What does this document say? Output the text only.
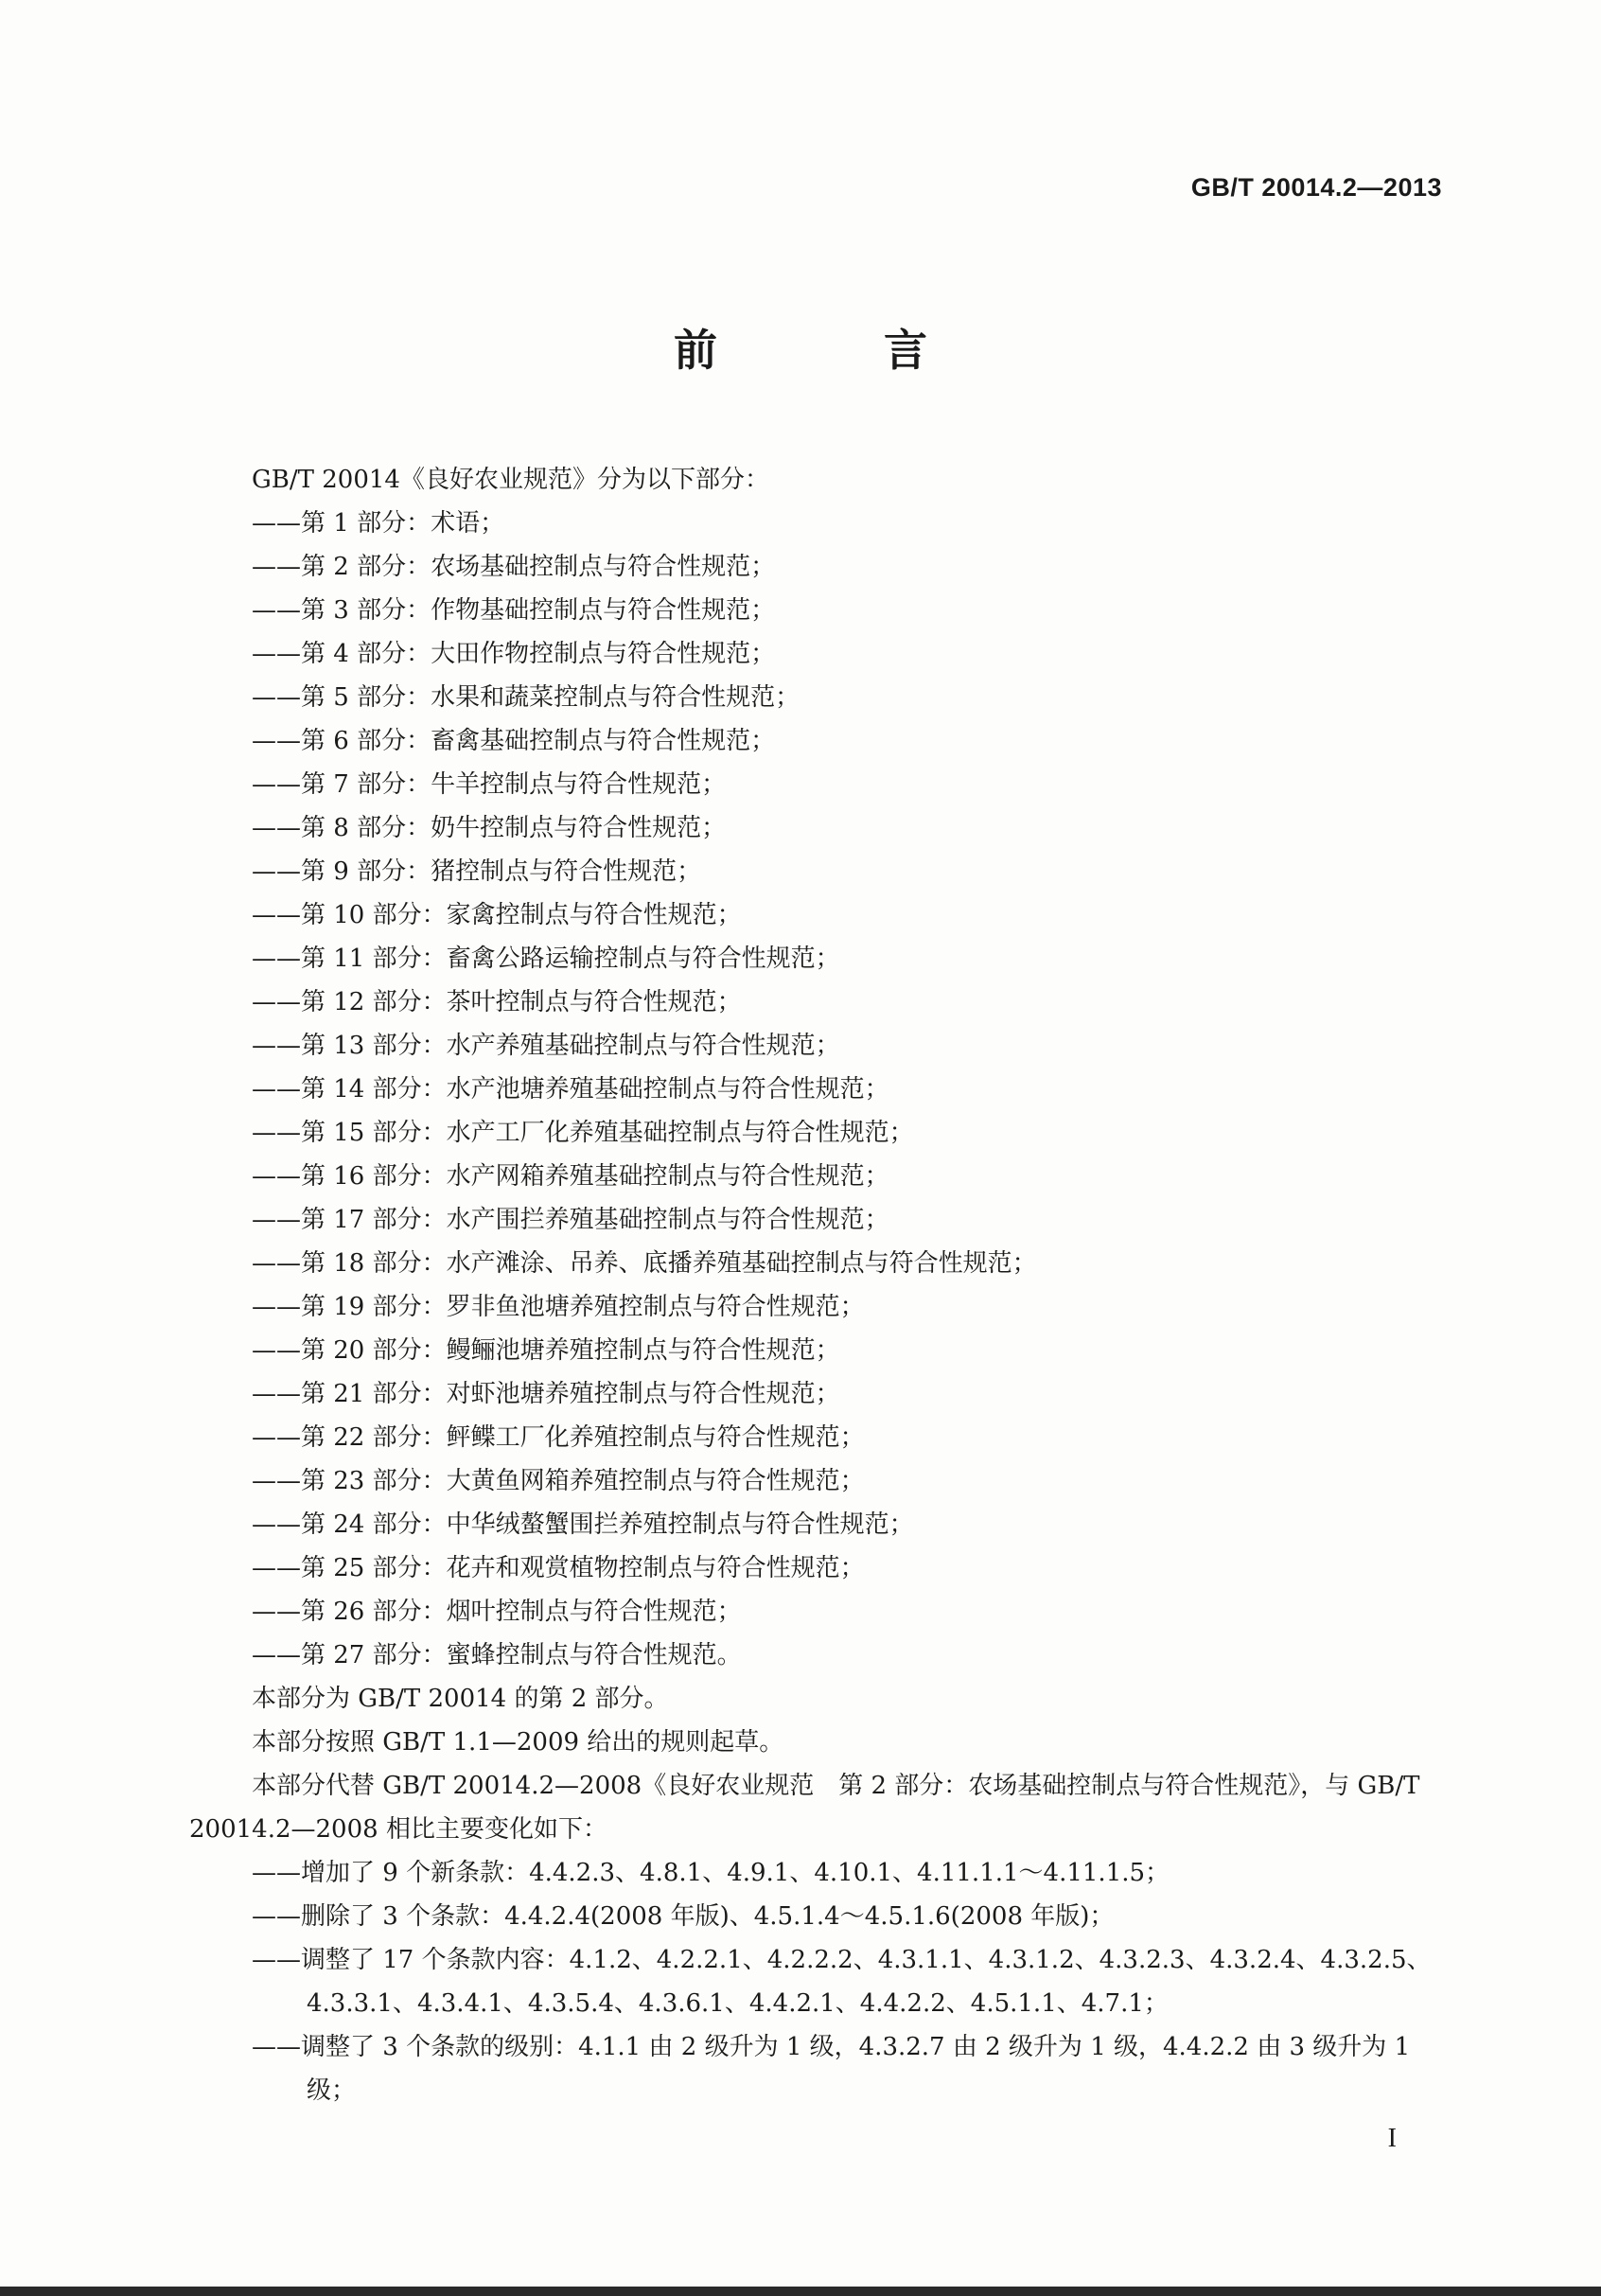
GB/T 20014.2—2013
前 言

GB/T 20014《良好农业规范》分为以下部分：

——第 1 部分：术语；

——第 2 部分：农场基础控制点与符合性规范；

——第 3 部分：作物基础控制点与符合性规范；

——第 4 部分：大田作物控制点与符合性规范；

——第 5 部分：水果和蔬菜控制点与符合性规范；

——第 6 部分：畜禽基础控制点与符合性规范；

——第 7 部分：牛羊控制点与符合性规范；

——第 8 部分：奶牛控制点与符合性规范；

——第 9 部分：猪控制点与符合性规范；

——第 10 部分：家禽控制点与符合性规范；

——第 11 部分：畜禽公路运输控制点与符合性规范；

——第 12 部分：茶叶控制点与符合性规范；

——第 13 部分：水产养殖基础控制点与符合性规范；

——第 14 部分：水产池塘养殖基础控制点与符合性规范；

——第 15 部分：水产工厂化养殖基础控制点与符合性规范；

——第 16 部分：水产网箱养殖基础控制点与符合性规范；

——第 17 部分：水产围拦养殖基础控制点与符合性规范；

——第 18 部分：水产滩涂、吊养、底播养殖基础控制点与符合性规范；

——第 19 部分：罗非鱼池塘养殖控制点与符合性规范；

——第 20 部分：鳗鲡池塘养殖控制点与符合性规范；

——第 21 部分：对虾池塘养殖控制点与符合性规范；

——第 22 部分：鲆鲽工厂化养殖控制点与符合性规范；

——第 23 部分：大黄鱼网箱养殖控制点与符合性规范；

——第 24 部分：中华绒螯蟹围拦养殖控制点与符合性规范；

——第 25 部分：花卉和观赏植物控制点与符合性规范；

——第 26 部分：烟叶控制点与符合性规范；

——第 27 部分：蜜蜂控制点与符合性规范。

本部分为 GB/T 20014 的第 2 部分。

本部分按照 GB/T 1.1—2009 给出的规则起草。

本部分代替 GB/T 20014.2—2008《良好农业规范　第 2 部分：农场基础控制点与符合性规范》，与 GB/T 20014.2—2008 相比主要变化如下：

——增加了 9 个新条款：4.4.2.3、4.8.1、4.9.1、4.10.1、4.11.1.1～4.11.1.5；

——删除了 3 个条款：4.4.2.4(2008 年版)、4.5.1.4～4.5.1.6(2008 年版)；

——调整了 17 个条款内容：4.1.2、4.2.2.1、4.2.2.2、4.3.1.1、4.3.1.2、4.3.2.3、4.3.2.4、4.3.2.5、4.3.3.1、4.3.4.1、4.3.5.4、4.3.6.1、4.4.2.1、4.4.2.2、4.5.1.1、4.7.1；

——调整了 3 个条款的级别：4.1.1 由 2 级升为 1 级，4.3.2.7 由 2 级升为 1 级，4.4.2.2 由 3 级升为 1 级；

I
